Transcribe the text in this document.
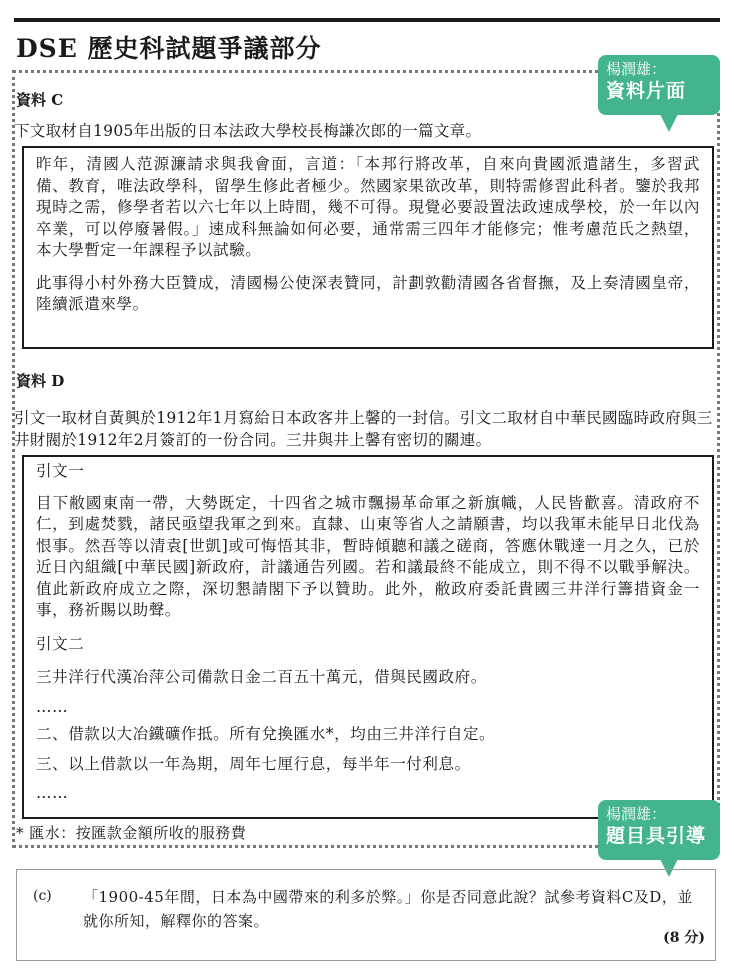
DSE 歷史科試題爭議部分

資料 C

下文取材自1905年出版的日本法政大學校長梅謙次郎的一篇文章。

昨年，清國人范源濂請求與我會面，言道：「本邦行將改革，自來向貴國派遣諸生，多習武備、教育，唯法政學科，留學生修此者極少。然國家果欲改革，則特需修習此科者。鑒於我邦現時之需，修學者若以六七年以上時間，幾不可得。現覺必要設置法政速成學校，於一年以內卒業，可以停廢暑假。」速成科無論如何必要，通常需三四年才能修完；惟考慮范氏之熱望，本大學暫定一年課程予以試驗。

此事得小村外務大臣贊成，清國楊公使深表贊同，計劃敦勸清國各省督撫，及上奏清國皇帝，陸續派遣來學。

資料 D

引文一取材自黃興於1912年1月寫給日本政客井上馨的一封信。引文二取材自中華民國臨時政府與三井財閥於1912年2月簽訂的一份合同。三井與井上馨有密切的關連。

引文一

目下敝國東南一帶，大勢既定，十四省之城市飄揚革命軍之新旗幟，人民皆歡喜。清政府不仁，到處焚戮，諸民亟望我軍之到來。直隸、山東等省人之請願書，均以我軍未能早日北伐為恨事。然吾等以清袁[世凱]或可悔悟其非，暫時傾聽和議之磋商，答應休戰達一月之久，已於近日內組織[中華民國]新政府，計議通告列國。若和議最終不能成立，則不得不以戰爭解決。值此新政府成立之際，深切懇請閣下予以贊助。此外，敝政府委託貴國三井洋行籌措資金一事，務祈賜以助聲。

引文二

三井洋行代漢冶萍公司備款日金二百五十萬元，借與民國政府。

……

二、借款以大冶鐵礦作抵。所有兌換匯水*，均由三井洋行自定。

三、以上借款以一年為期，周年七厘行息，每半年一付利息。

……

* 匯水：按匯款金額所收的服務費

楊潤雄：
資料片面
楊潤雄：
題目具引導

(c) 「1900-45年間，日本為中國帶來的利多於弊。」你是否同意此說？試參考資料C及D，並就你所知，解釋你的答案。

(8 分)
